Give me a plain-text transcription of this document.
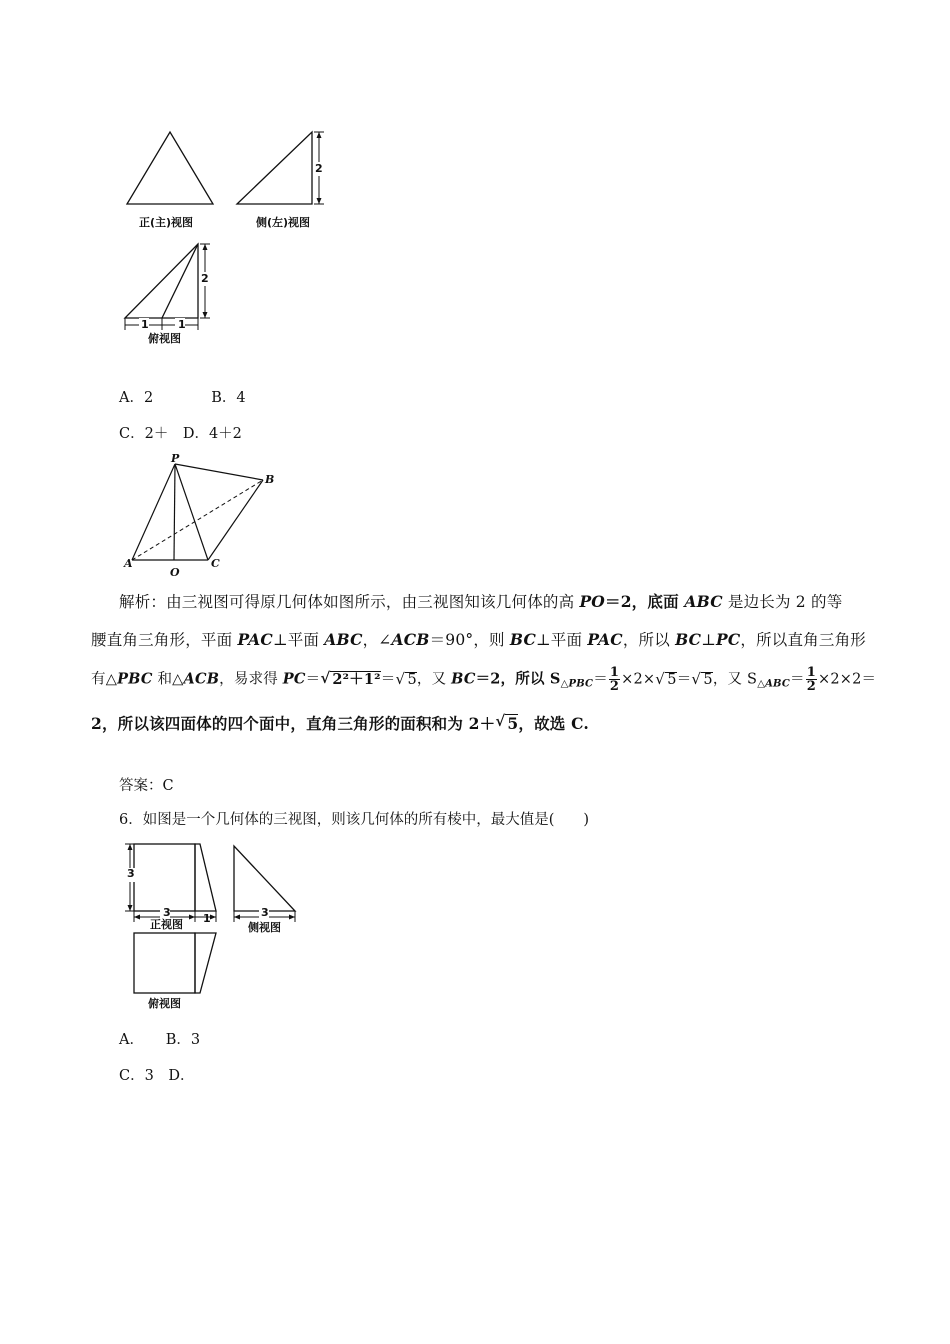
正(主)视图	侧(左)视图
2
2
1	1
俯视图
A．2　　　　B．4
C．2＋　D．4＋2
P
B
A
O
C
解析：由三视图可得原几何体如图所示，由三视图知该几何体的高 PO＝2，底面 ABC 是边长为 2 的等
腰直角三角形，平面 PAC⊥平面 ABC，∠ACB＝90°，则 BC⊥平面 PAC，所以 BC⊥PC，所以直角三角形
有△PBC 和△ACB，易求得 PC＝√ 2²＋1²＝√ 5，又 BC＝2，所以 $S_{\triangle PBC}= \frac{1}{2} \times 2\times√$ 5＝√ 5，又 $S_{\triangle ABC}= \frac{1}{2} \times 2\times 2=$
2，所以该四面体的四个面中，直角三角形的面积和为 2＋√ 5，故选 C.
答案：C
6．如图是一个几何体的三视图，则该几何体的所有棱中，最大值是(　　)
3
3	1
正视图
3
侧视图
俯视图
A．　　B．3
C．3　D．
